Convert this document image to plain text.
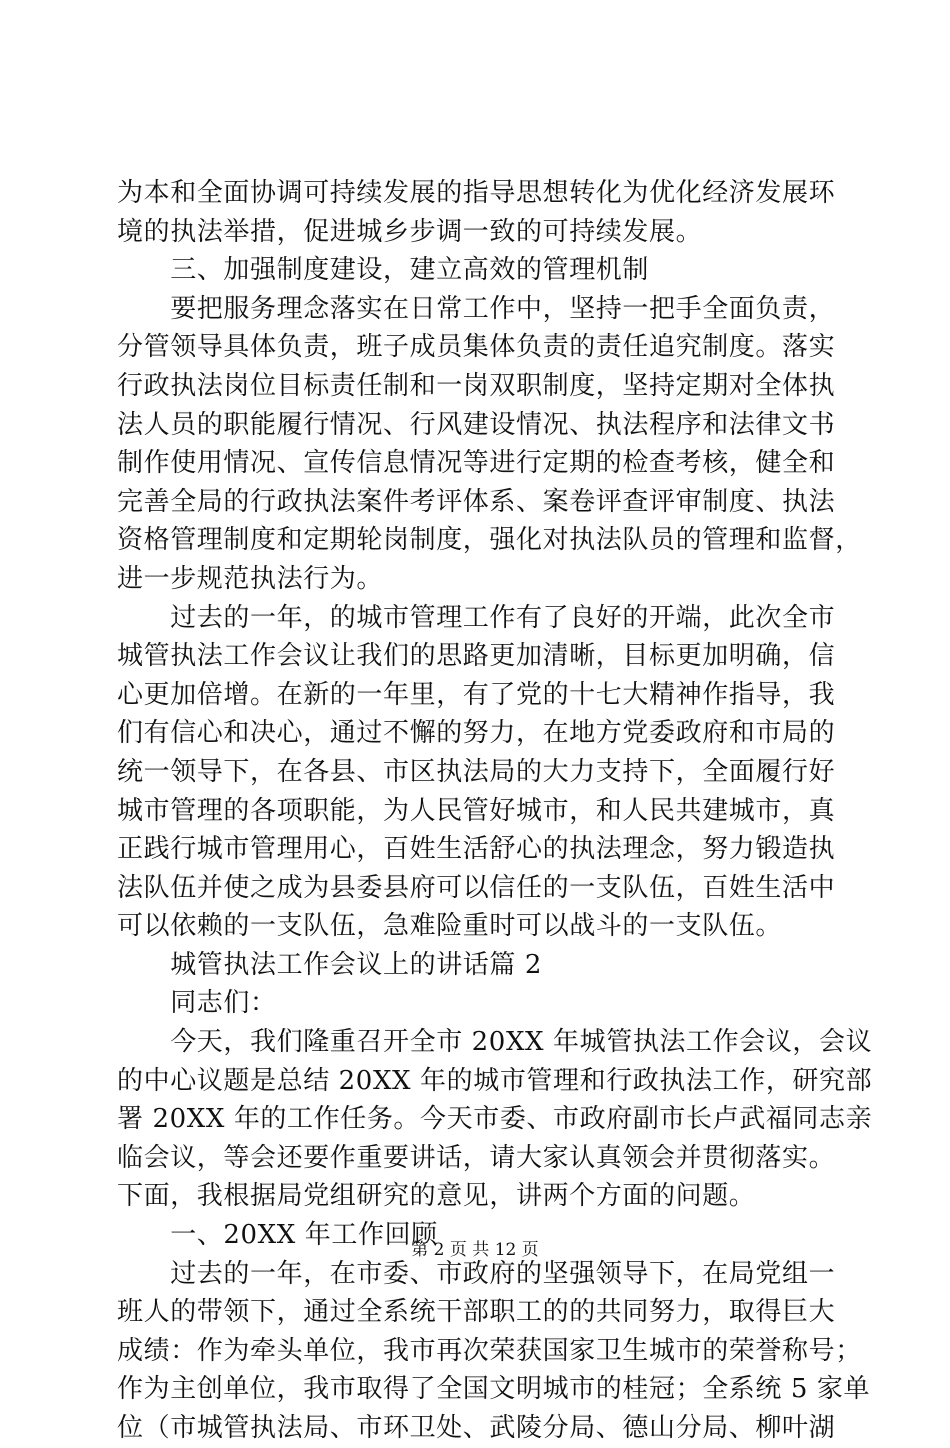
为本和全面协调可持续发展的指导思想转化为优化经济发展环
境的执法举措，促进城乡步调一致的可持续发展。
　　三、加强制度建设，建立高效的管理机制
　　要把服务理念落实在日常工作中，坚持一把手全面负责，
分管领导具体负责，班子成员集体负责的责任追究制度。落实
行政执法岗位目标责任制和一岗双职制度，坚持定期对全体执
法人员的职能履行情况、行风建设情况、执法程序和法律文书
制作使用情况、宣传信息情况等进行定期的检查考核，健全和
完善全局的行政执法案件考评体系、案卷评查评审制度、执法
资格管理制度和定期轮岗制度，强化对执法队员的管理和监督，
进一步规范执法行为。
　　过去的一年，的城市管理工作有了良好的开端，此次全市
城管执法工作会议让我们的思路更加清晰，目标更加明确，信
心更加倍增。在新的一年里，有了党的十七大精神作指导，我
们有信心和决心，通过不懈的努力，在地方党委政府和市局的
统一领导下，在各县、市区执法局的大力支持下，全面履行好
城市管理的各项职能，为人民管好城市，和人民共建城市，真
正践行城市管理用心，百姓生活舒心的执法理念，努力锻造执
法队伍并使之成为县委县府可以信任的一支队伍，百姓生活中
可以依赖的一支队伍，急难险重时可以战斗的一支队伍。
　　城管执法工作会议上的讲话篇 2
　　同志们：
　　今天，我们隆重召开全市 20XX 年城管执法工作会议，会议
的中心议题是总结 20XX 年的城市管理和行政执法工作，研究部
署 20XX 年的工作任务。今天市委、市政府副市长卢武福同志亲
临会议，等会还要作重要讲话，请大家认真领会并贯彻落实。
下面，我根据局党组研究的意见，讲两个方面的问题。
　　一、20XX 年工作回顾
　　过去的一年，在市委、市政府的坚强领导下，在局党组一
班人的带领下，通过全系统干部职工的的共同努力，取得巨大
成绩：作为牵头单位，我市再次荣获国家卫生城市的荣誉称号；
作为主创单位，我市取得了全国文明城市的桂冠；全系统 5 家单
位（市城管执法局、市环卫处、武陵分局、德山分局、柳叶湖
第 2 页 共 12 页
